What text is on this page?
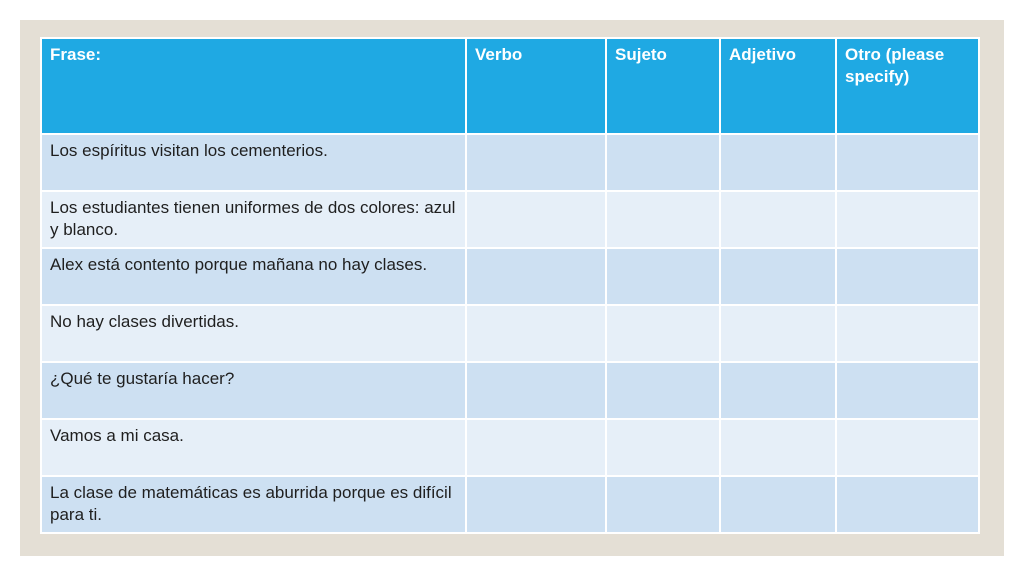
Frase:	Verbo	Sujeto	Adjetivo	Otro (please specify)
Los espíritus visitan los cementerios.				
Los estudiantes tienen uniformes de dos colores: azul y blanco.				
Alex está contento porque mañana no hay clases.				
No hay clases divertidas.				
¿Qué te gustaría hacer?				
Vamos a mi casa.				
La clase de matemáticas es aburrida porque es difícil para ti.				
